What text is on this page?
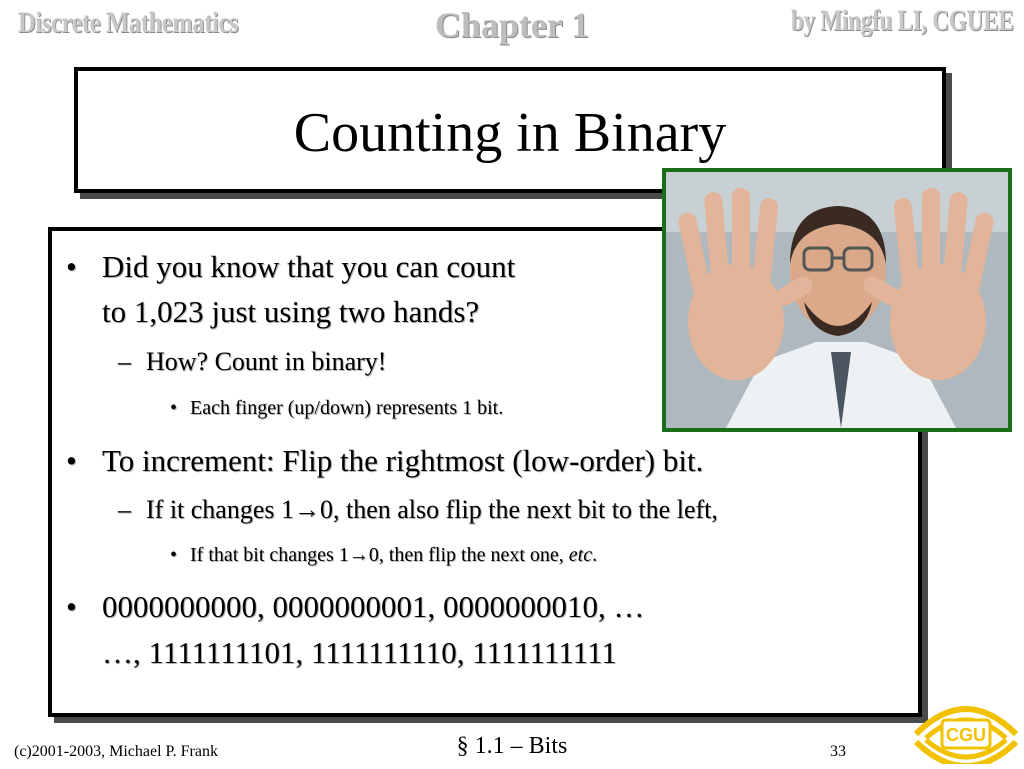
Discrete Mathematics	Chapter 1	by Mingfu LI, CGUEE
Counting in Binary
• Did you know that you can count
to 1,023 just using two hands?
– How? Count in binary!
• Each finger (up/down) represents 1 bit.
• To increment: Flip the rightmost (low-order) bit.
– If it changes 1→0, then also flip the next bit to the left,
• If that bit changes 1→0, then flip the next one, etc.
• 0000000000, 0000000001, 0000000010, …
…, 1111111101, 1111111110, 1111111111
(c)2001-2003, Michael P. Frank	§ 1.1 – Bits	33
CGU
